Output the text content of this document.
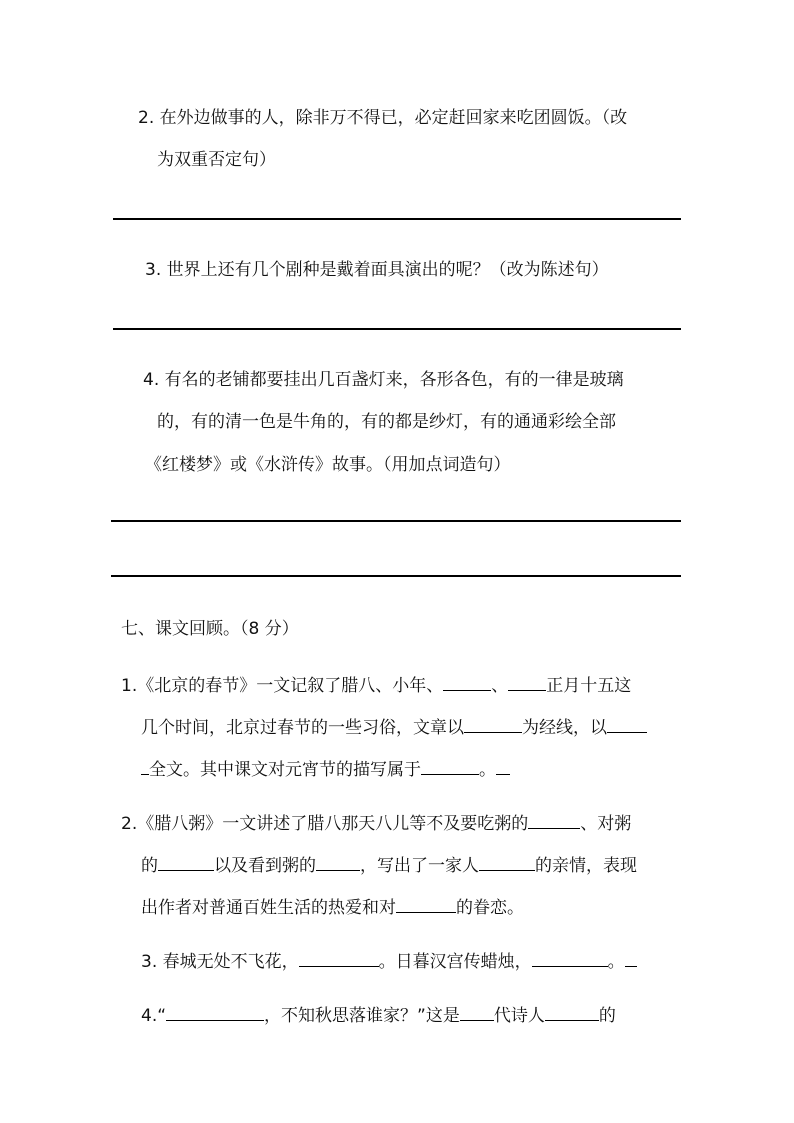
2. 在外边做事的人，除非万不得已，必定赶回家来吃团圆饭。（改
为双重否定句）
3. 世界上还有几个剧种是戴着面具演出的呢？（改为陈述句）
4. 有名的老铺都要挂出几百盏灯来，各形各色，有的一律是玻璃
的，有的清一色是牛角的，有的都是纱灯，有的通通彩绘全部
《红楼梦》或《水浒传》故事。（用加点词造句）
七、课文回顾。（8 分）
1.《北京的春节》一文记叙了腊八、小年、	、 正月十五这
几个时间，北京过春节的一些习俗，文章以	为经线，以
全文。其中课文对元宵节的描写属于	。
2.《腊八粥》一文讲述了腊八那天八儿等不及要吃粥的	、对粥
的	以及看到粥的	，写出了一家人	的亲情，表现
出作者对普通百姓生活的热爱和对	的眷恋。
3. 春城无处不飞花，	。日暮汉宫传蜡烛，	。
4.“	，不知秋思落谁家？”这是 代诗人	的
